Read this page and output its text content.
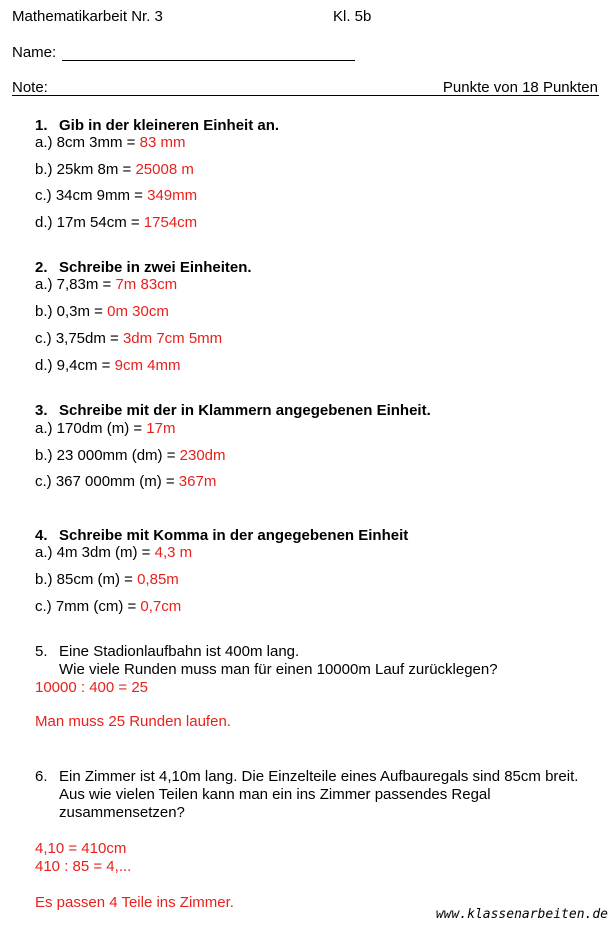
Mathematikarbeit Nr. 3	Kl. 5b
Name:
Note:	Punkte von 18 Punkten
1. Gib in der kleineren Einheit an.
a.) 8cm 3mm = 83 mm
b.) 25km 8m = 25008 m
c.) 34cm 9mm = 349mm
d.) 17m 54cm = 1754cm
2. Schreibe in zwei Einheiten.
a.) 7,83m = 7m 83cm
b.) 0,3m = 0m 30cm
c.) 3,75dm = 3dm 7cm 5mm
d.) 9,4cm = 9cm 4mm
3. Schreibe mit der in Klammern angegebenen Einheit.
a.) 170dm (m) = 17m
b.) 23 000mm (dm) = 230dm
c.) 367 000mm (m) = 367m
4. Schreibe mit Komma in der angegebenen Einheit
a.) 4m 3dm (m) = 4,3 m
b.) 85cm (m) = 0,85m
c.) 7mm (cm) = 0,7cm
5. Eine Stadionlaufbahn ist 400m lang.
Wie viele Runden muss man für einen 10000m Lauf zurücklegen?
10000 : 400 = 25
Man muss 25 Runden laufen.
6. Ein Zimmer ist 4,10m lang. Die Einzelteile eines Aufbauregals sind 85cm breit.
Aus wie vielen Teilen kann man ein ins Zimmer passendes Regal
zusammensetzen?
4,10 = 410cm
410 : 85 = 4,...
Es passen 4 Teile ins Zimmer.
www.klassenarbeiten.de
